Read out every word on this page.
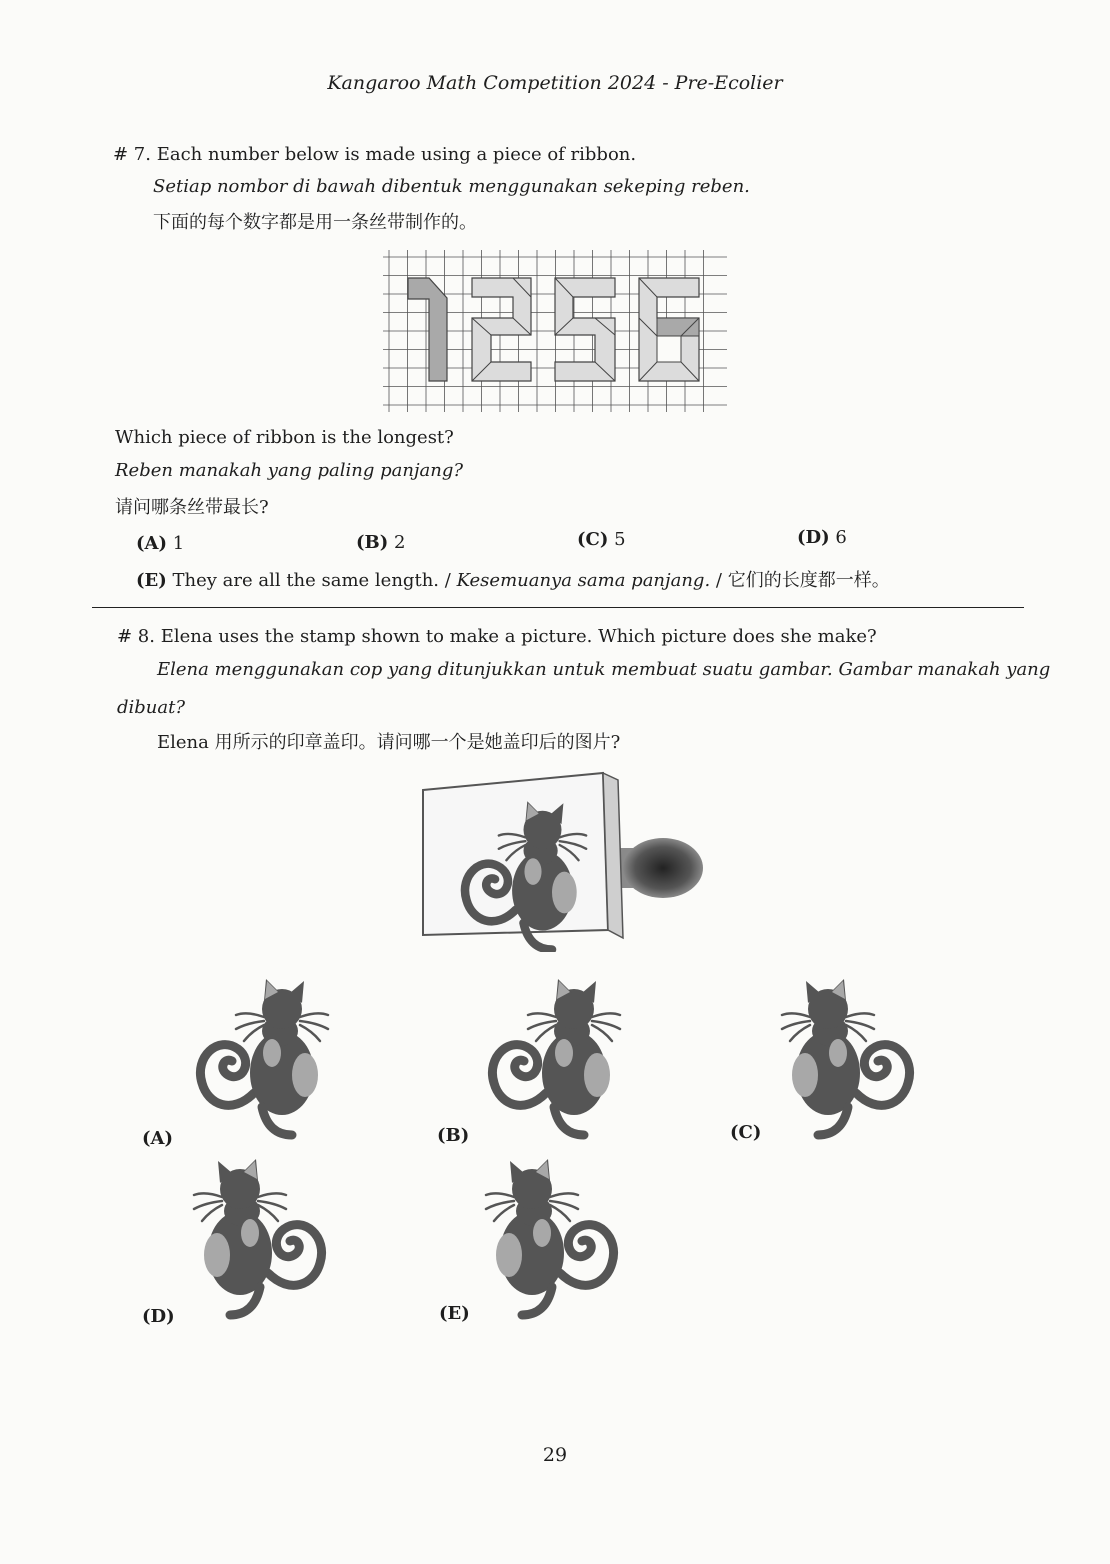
Kangaroo Math Competition 2024 - Pre-Ecolier
# 7. Each number below is made using a piece of ribbon.
Setiap nombor di bawah dibentuk menggunakan sekeping reben.
下面的每个数字都是用一条丝带制作的。
Which piece of ribbon is the longest?
Reben manakah yang paling panjang?
请问哪条丝带最长?
(A) 1	(B) 2	(C) 5	(D) 6
(E) They are all the same length. / Kesemuanya sama panjang. / 它们的长度都一样。
# 8. Elena uses the stamp shown to make a picture. Which picture does she make?
Elena menggunakan cop yang ditunjukkan untuk membuat suatu gambar. Gambar manakah yang
dibuat?
Elena 用所示的印章盖印。请问哪一个是她盖印后的图片?
(A)	(B)	(C)
(D)	(E)
29
